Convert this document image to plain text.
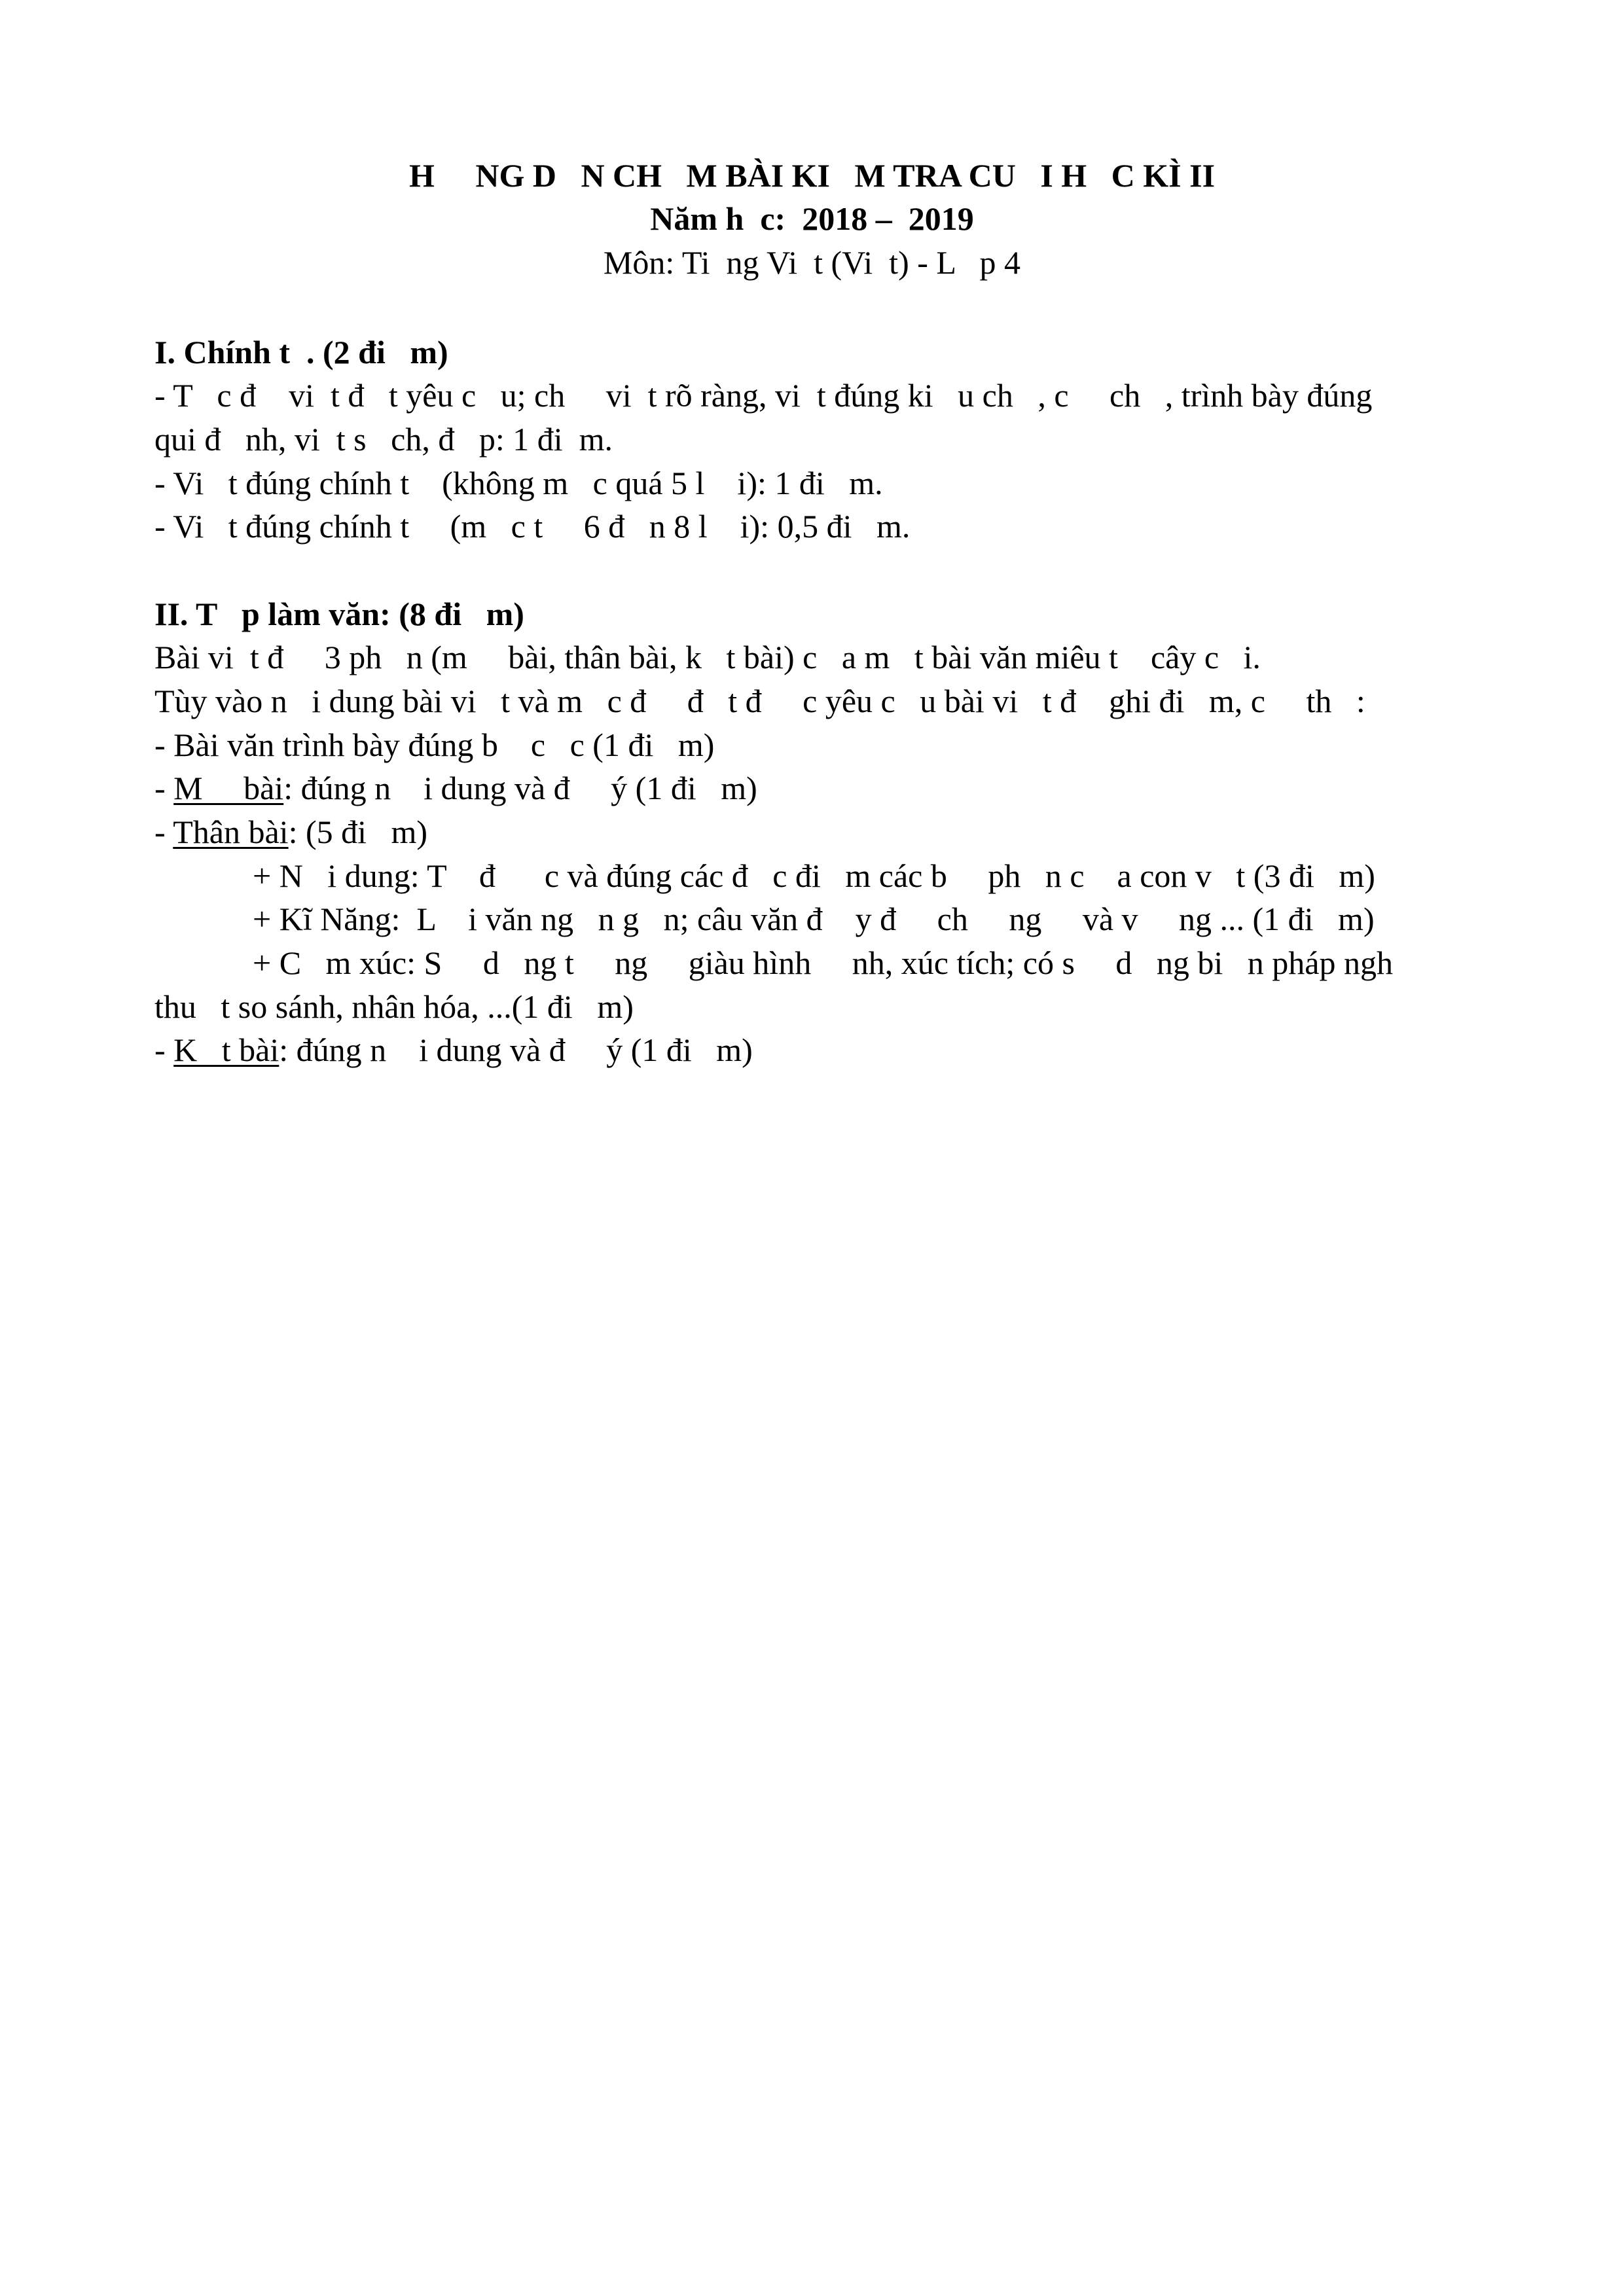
H     NG D   N CH   M BÀI KI   M TRA CU   I H   C KÌ II
Năm h  c:  2018 –  2019
Môn: Ti  ng Vi  t (Vi  t) - L   p 4
I. Chính t  . (2 đi   m)
- T   c đ    vi  t đ   t yêu c   u; ch     vi  t rõ ràng, vi  t đúng ki   u ch   , c     ch   , trình bày đúng
qui đ   nh, vi  t s   ch, đ   p: 1 đi  m.
- Vi   t đúng chính t    (không m   c quá 5 l    i): 1 đi   m.
- Vi   t đúng chính t     (m   c t     6 đ   n 8 l    i): 0,5 đi   m.
II. T   p làm văn: (8 đi   m)
Bài vi  t đ     3 ph   n (m     bài, thân bài, k   t bài) c   a m   t bài văn miêu t    cây c   i.
Tùy vào n   i dung bài vi   t và m   c đ     đ   t đ     c yêu c   u bài vi   t đ    ghi đi   m, c     th   :
- Bài văn trình bày đúng b    c   c (1 đi   m)
- M     bài: đúng n    i dung và đ     ý (1 đi   m)
- Thân bài: (5 đi   m)
+ N   i dung: T    đ      c và đúng các đ   c đi   m các b     ph   n c    a con v   t (3 đi   m)
+ Kĩ Năng:  L    i văn ng   n g   n; câu văn đ    y đ     ch     ng     và v     ng ... (1 đi   m)
+ C   m xúc: S     d   ng t     ng     giàu hình     nh, xúc tích; có s     d   ng bi   n pháp ngh
thu   t so sánh, nhân hóa, ...(1 đi   m)
- K   t bài: đúng n    i dung và đ     ý (1 đi   m)
